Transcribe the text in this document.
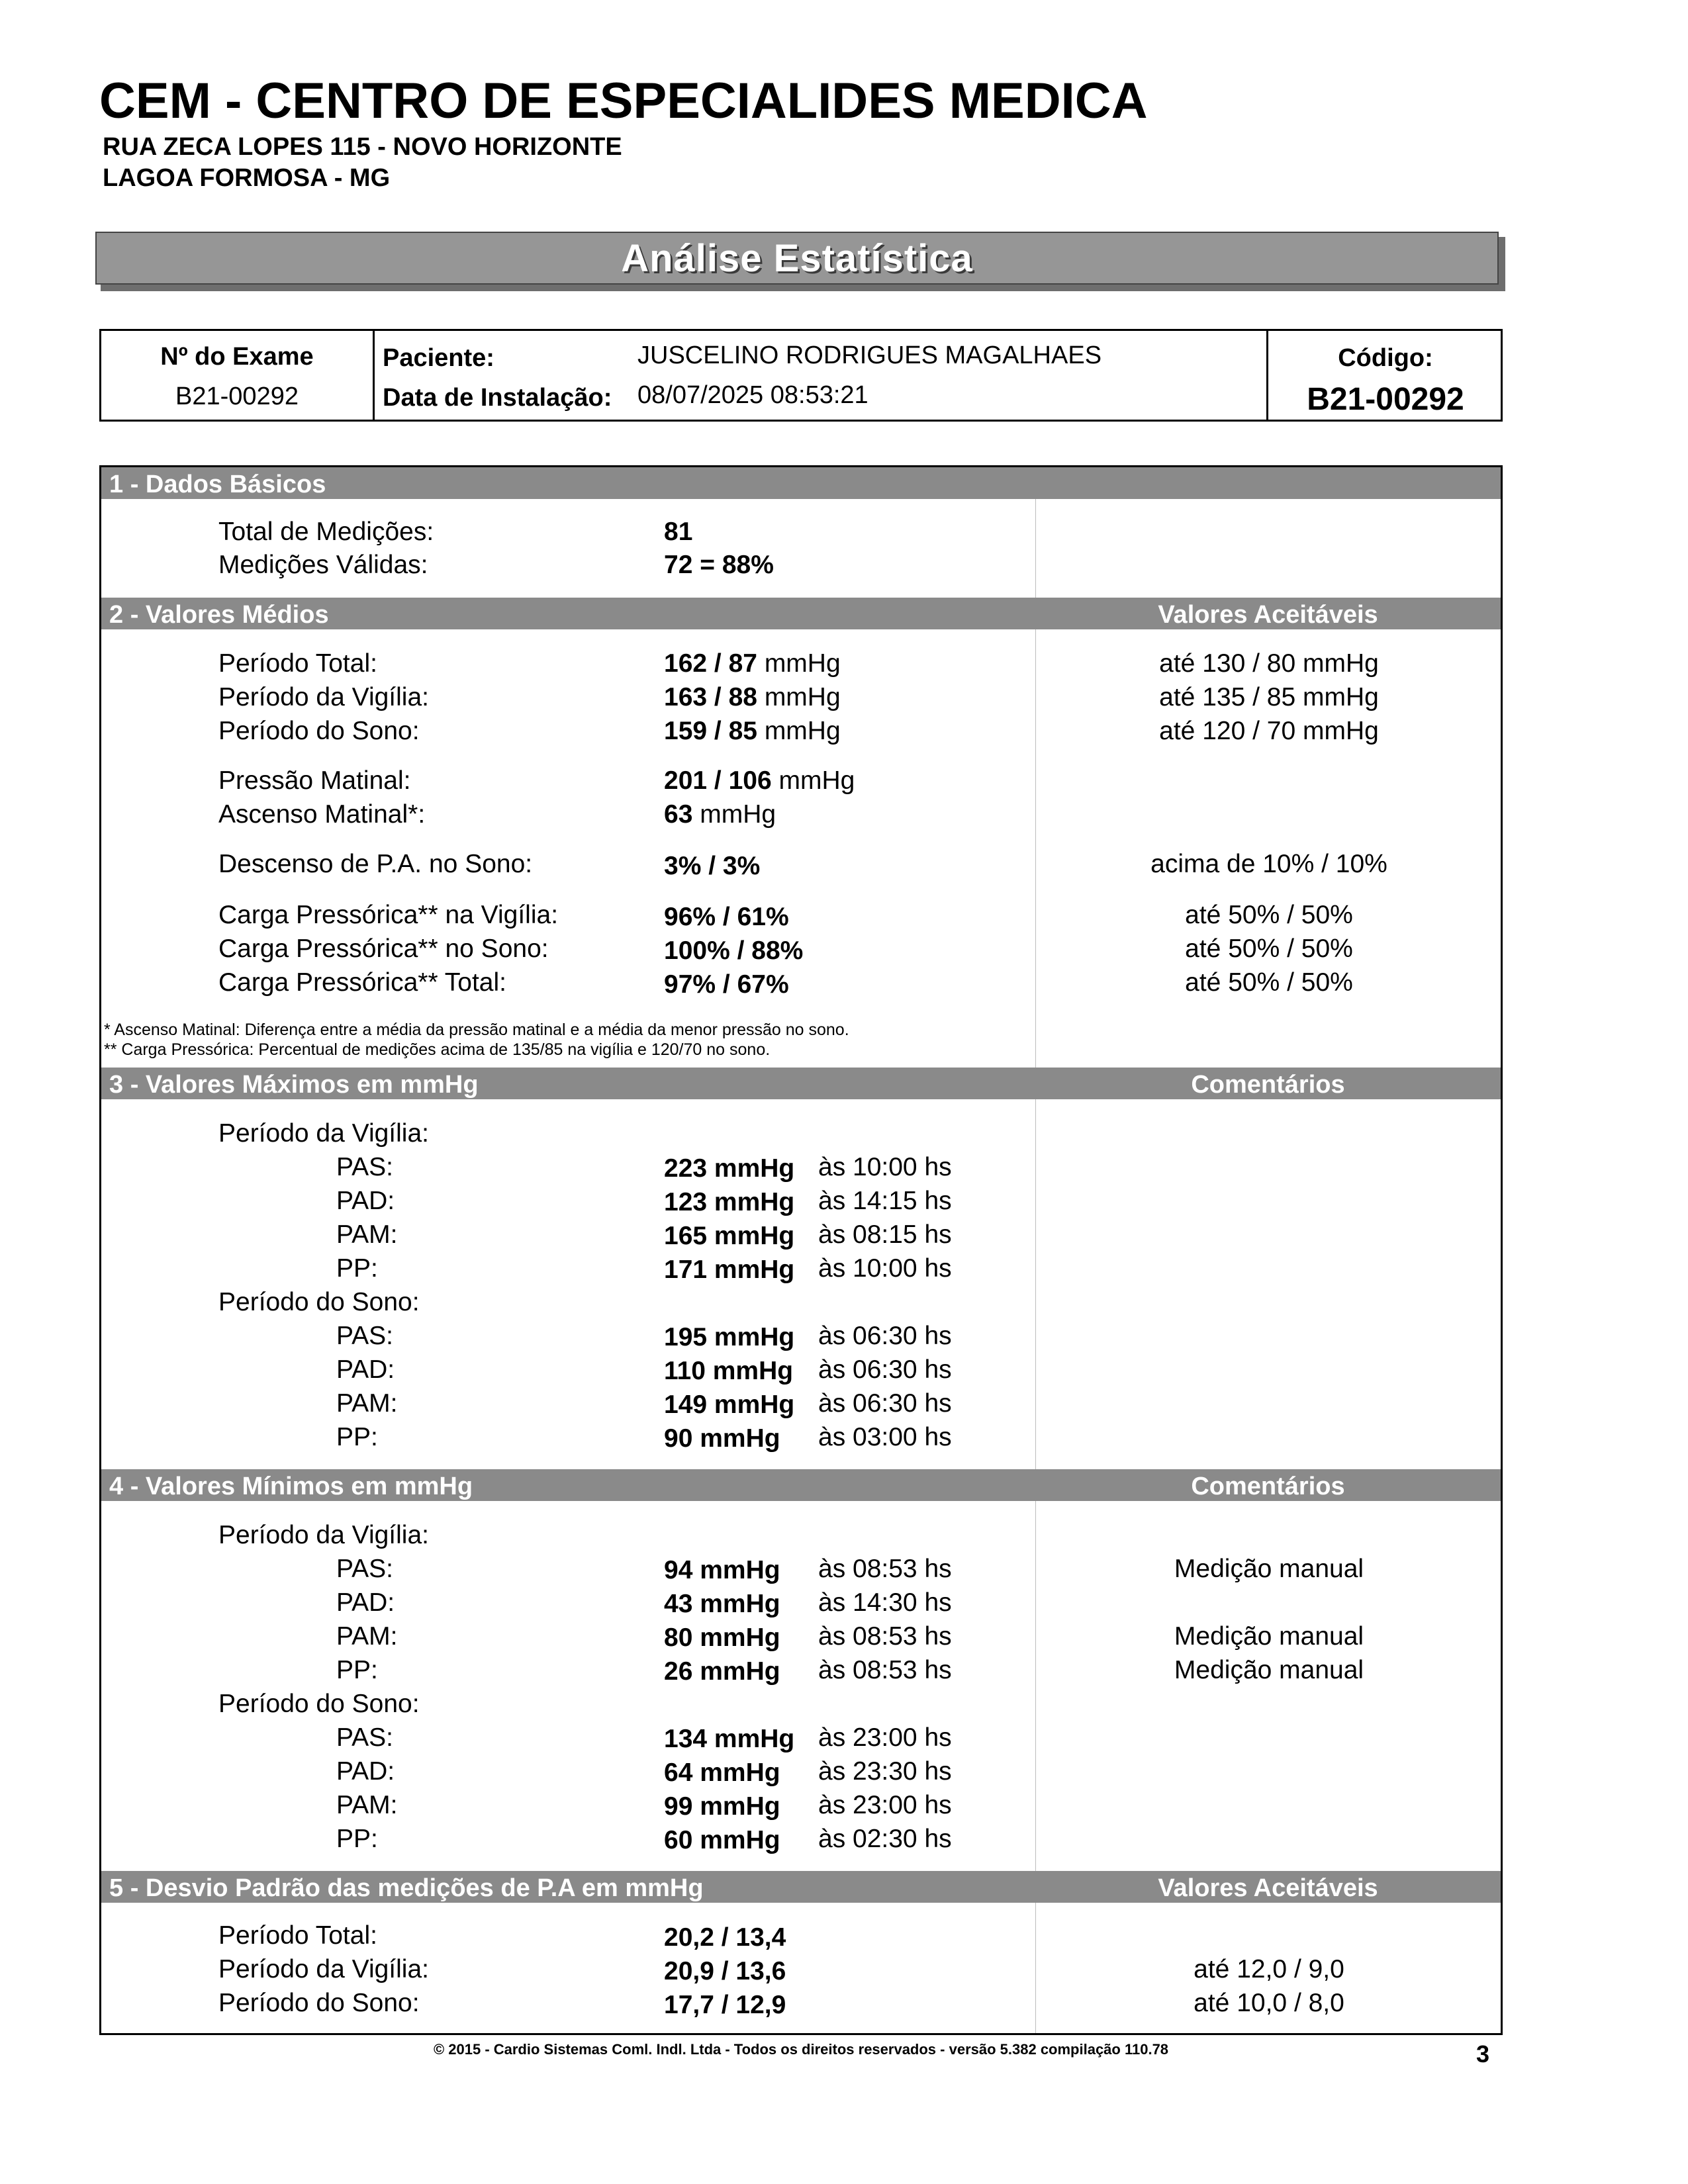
CEM - CENTRO DE ESPECIALIDES MEDICA
RUA ZECA LOPES 115 - NOVO HORIZONTE
LAGOA FORMOSA - MG
Análise Estatística
Nº do Exame
B21-00292
Paciente:	JUSCELINO RODRIGUES MAGALHAES
Data de Instalação: 08/07/2025 08:53:21
Código:
B21-00292
1 - Dados Básicos
Total de Medições:	81
Medições Válidas:	72 = 88%
2 - Valores Médios	Valores Aceitáveis
Período Total:	162 / 87 mmHg	até 130 / 80 mmHg
Período da Vigília:	163 / 88 mmHg	até 135 / 85 mmHg
Período do Sono:	159 / 85 mmHg	até 120 / 70 mmHg
Pressão Matinal:	201 / 106 mmHg
Ascenso Matinal*:	63 mmHg
Descenso de P.A. no Sono:	3% / 3%	acima de 10% / 10%
Carga Pressórica** na Vigília:	96% / 61%	até 50% / 50%
Carga Pressórica** no Sono:	100% / 88%	até 50% / 50%
Carga Pressórica** Total:	97% / 67%	até 50% / 50%
* Ascenso Matinal: Diferença entre a média da pressão matinal e a média da menor pressão no sono.
** Carga Pressórica: Percentual de medições acima de 135/85 na vigília e 120/70 no sono.
3 - Valores Máximos em mmHg	Comentários
Período da Vigília:
PAS:	223 mmHg às 10:00 hs
PAD:	123 mmHg às 14:15 hs
PAM:	165 mmHg às 08:15 hs
PP:	171 mmHg às 10:00 hs
Período do Sono:
PAS:	195 mmHg às 06:30 hs
PAD:	110 mmHg às 06:30 hs
PAM:	149 mmHg às 06:30 hs
PP:	90 mmHg às 03:00 hs
4 - Valores Mínimos em mmHg	Comentários
Período da Vigília:
PAS:	94 mmHg às 08:53 hs	Medição manual
PAD:	43 mmHg às 14:30 hs
PAM:	80 mmHg às 08:53 hs	Medição manual
PP:	26 mmHg às 08:53 hs	Medição manual
Período do Sono:
PAS:	134 mmHg às 23:00 hs
PAD:	64 mmHg às 23:30 hs
PAM:	99 mmHg às 23:00 hs
PP:	60 mmHg às 02:30 hs
5 - Desvio Padrão das medições de P.A em mmHg	Valores Aceitáveis
Período Total:	20,2 / 13,4
Período da Vigília:	20,9 / 13,6	até 12,0 / 9,0
Período do Sono:	17,7 / 12,9	até 10,0 / 8,0
© 2015 - Cardio Sistemas Coml. Indl. Ltda - Todos os direitos reservados - versão 5.382 compilação 110.78	3
